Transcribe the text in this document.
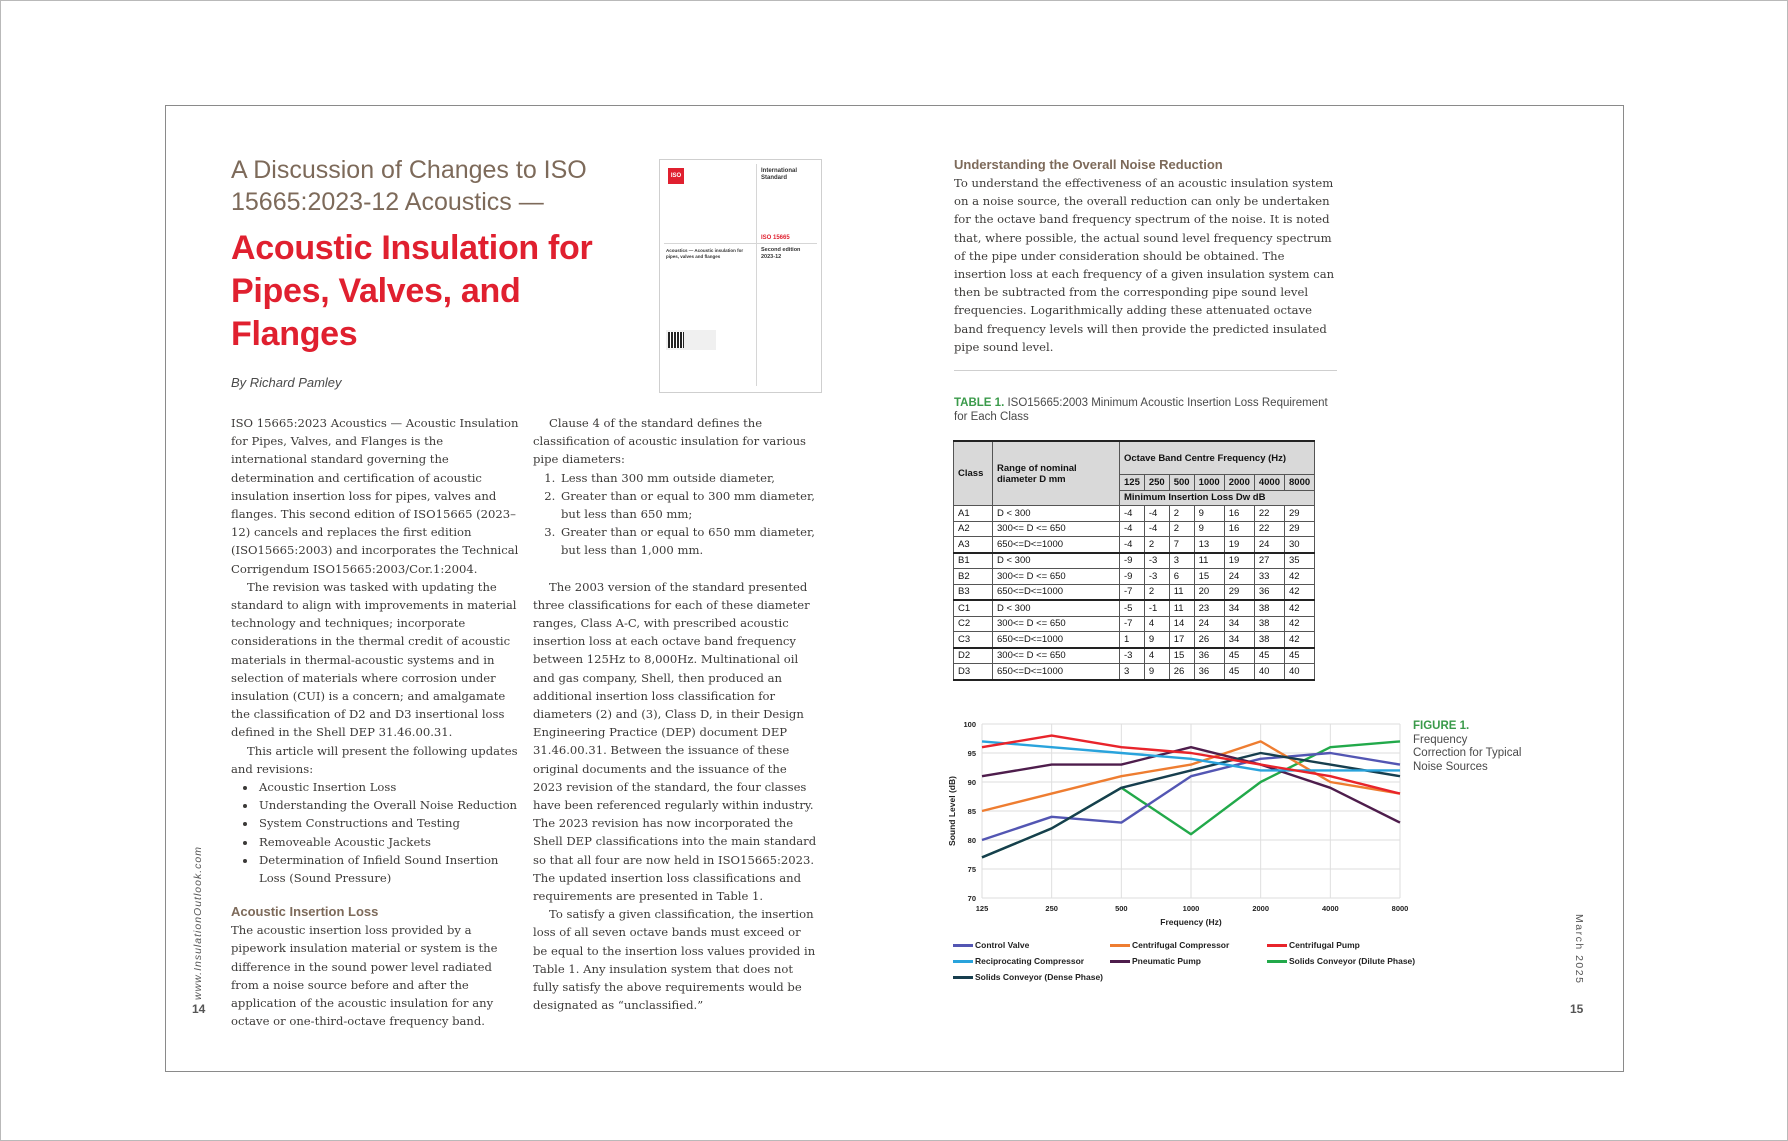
A Discussion of Changes to ISO 15665:2023-12 Acoustics —
Acoustic Insulation for Pipes, Valves, and Flanges
By Richard Pamley
ISO
International
Standard
ISO 15665
Second edition
2023-12
Acoustics — Acoustic insulation for
pipes, valves and flanges

ISO 15665:2023 Acoustics — Acoustic Insulation for Pipes, Valves, and Flanges is the international standard governing the determination and certification of acoustic insulation insertion loss for pipes, valves and flanges. This second edition of ISO15665 (2023–12) cancels and replaces the first edition (ISO15665:2003) and incorporates the Technical Corrigendum ISO15665:2003/Cor.1:2004.

The revision was tasked with updating the standard to align with improvements in material technology and techniques; incorporate considerations in the thermal credit of acoustic materials in thermal-acoustic systems and in selection of materials where corrosion under insulation (CUI) is a concern; and amalgamate the classification of D2 and D3 insertional loss defined in the Shell DEP 31.46.00.31.

This article will present the following updates and revisions:

• Acoustic Insertion Loss
• Understanding the Overall Noise Reduction
• System Constructions and Testing
• Removeable Acoustic Jackets
• Determination of Infield Sound Insertion Loss (Sound Pressure)
Acoustic Insertion Loss

The acoustic insertion loss provided by a pipework insulation material or system is the difference in the sound power level radiated from a noise source before and after the application of the acoustic insulation for any octave or one-third-octave frequency band.

Clause 4 of the standard defines the classification of acoustic insulation for various pipe diameters:

1. Less than 300 mm outside diameter,
2. Greater than or equal to 300 mm diameter, but less than 650 mm;
3. Greater than or equal to 650 mm diameter, but less than 1,000 mm.

The 2003 version of the standard presented three classifications for each of these diameter ranges, Class A-C, with prescribed acoustic insertion loss at each octave band frequency between 125Hz to 8,000Hz. Multinational oil and gas company, Shell, then produced an additional insertion loss classification for diameters (2) and (3), Class D, in their Design Engineering Practice (DEP) document DEP 31.46.00.31. Between the issuance of these original documents and the issuance of the 2023 revision of the standard, the four classes have been referenced regularly within industry. The 2023 revision has now incorporated the Shell DEP classifications into the main standard so that all four are now held in ISO15665:2023. The updated insertion loss classifications and requirements are presented in Table 1.

To satisfy a given classification, the insertion loss of all seven octave bands must exceed or be equal to the insertion loss values provided in Table 1. Any insulation system that does not fully satisfy the above requirements would be designated as “unclassified.”

www.InsulationOutlook.com
14
Understanding the Overall Noise Reduction

To understand the effectiveness of an acoustic insulation system on a noise source, the overall reduction can only be undertaken for the octave band frequency spectrum of the noise. It is noted that, where possible, the actual sound level frequency spectrum of the pipe under consideration should be obtained. The insertion loss at each frequency of a given insulation system can then be subtracted from the corresponding pipe sound level frequencies. Logarithmically adding these attenuated octave band frequency levels will then provide the predicted insulated pipe sound level.

TABLE 1. ISO15665:2003 Minimum Acoustic Insertion Loss Requirement for Each Class
Class	Range of nominal diameter D mm	Octave Band Centre Frequency (Hz)						
		125	250	500	1000	2000	4000	8000
		Minimum Insertion Loss Dw dB						
A1	D < 300	-4	-4	2	9	16	22	29
A2	300<= D <= 650	-4	-4	2	9	16	22	29
A3	650<=D<=1000	-4	2	7	13	19	24	30
B1	D < 300	-9	-3	3	11	19	27	35
B2	300<= D <= 650	-9	-3	6	15	24	33	42
B3	650<=D<=1000	-7	2	11	20	29	36	42
C1	D < 300	-5	-1	11	23	34	38	42
C2	300<= D <= 650	-7	4	14	24	34	38	42
C3	650<=D<=1000	1	9	17	26	34	38	42
D2	300<= D <= 650	-3	4	15	36	45	45	45
D3	650<=D<=1000	3	9	26	36	45	40	40
70
75
80
85
90
95
100
125	250	500	1000	2000	4000	8000
Frequency (Hz)
Sound Level (dB)
Control Valve	Centrifugal Compressor	Centrifugal Pump
Reciprocating Compressor	Pneumatic Pump	Solids Conveyor (Dilute Phase)
Solids Conveyor (Dense Phase)
FIGURE 1.
Frequency Correction for Typical Noise Sources
March 2025
15
